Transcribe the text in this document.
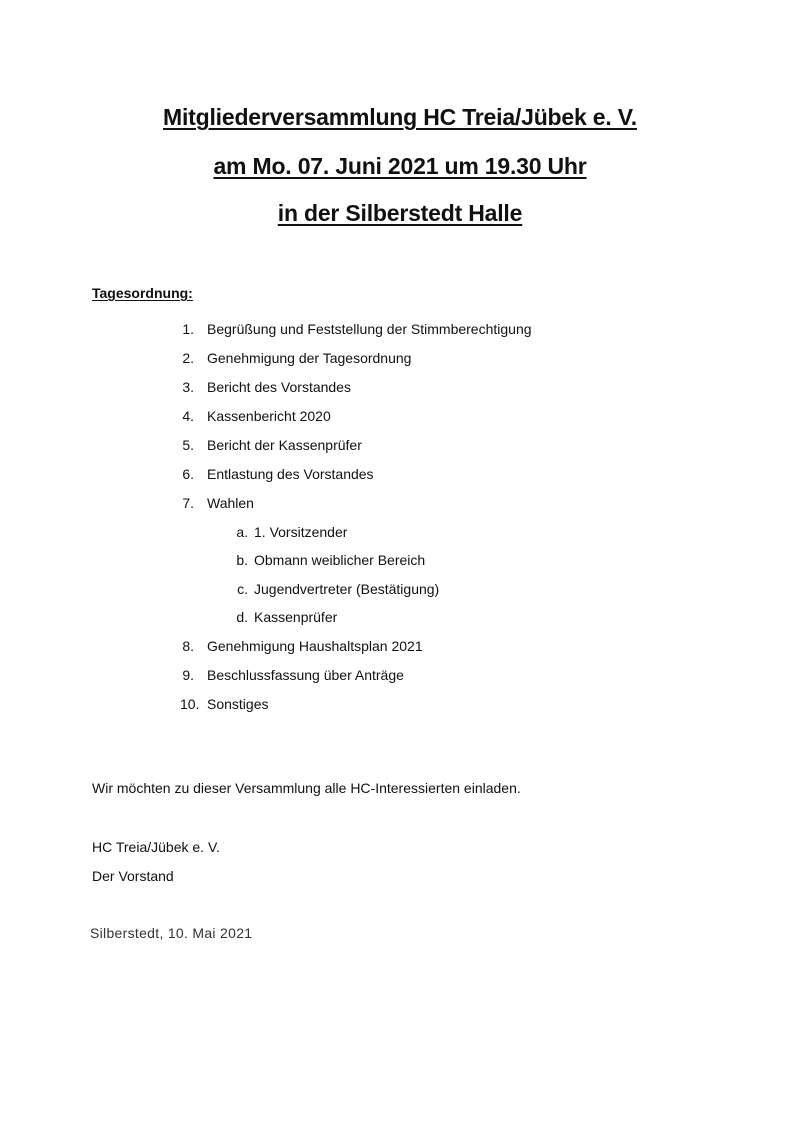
Mitgliederversammlung HC Treia/Jübek e. V.
am Mo. 07. Juni 2021 um 19.30 Uhr
in der Silberstedt Halle
Tagesordnung:
1. Begrüßung und Feststellung der Stimmberechtigung
2. Genehmigung der Tagesordnung
3. Bericht des Vorstandes
4. Kassenbericht 2020
5. Bericht der Kassenprüfer
6. Entlastung des Vorstandes
7. Wahlen
a. 1. Vorsitzender
b. Obmann weiblicher Bereich
c. Jugendvertreter (Bestätigung)
d. Kassenprüfer
8. Genehmigung Haushaltsplan 2021
9. Beschlussfassung über Anträge
10. Sonstiges
Wir möchten zu dieser Versammlung alle HC-Interessierten einladen.
HC Treia/Jübek e. V.
Der Vorstand
Silberstedt, 10. Mai 2021
